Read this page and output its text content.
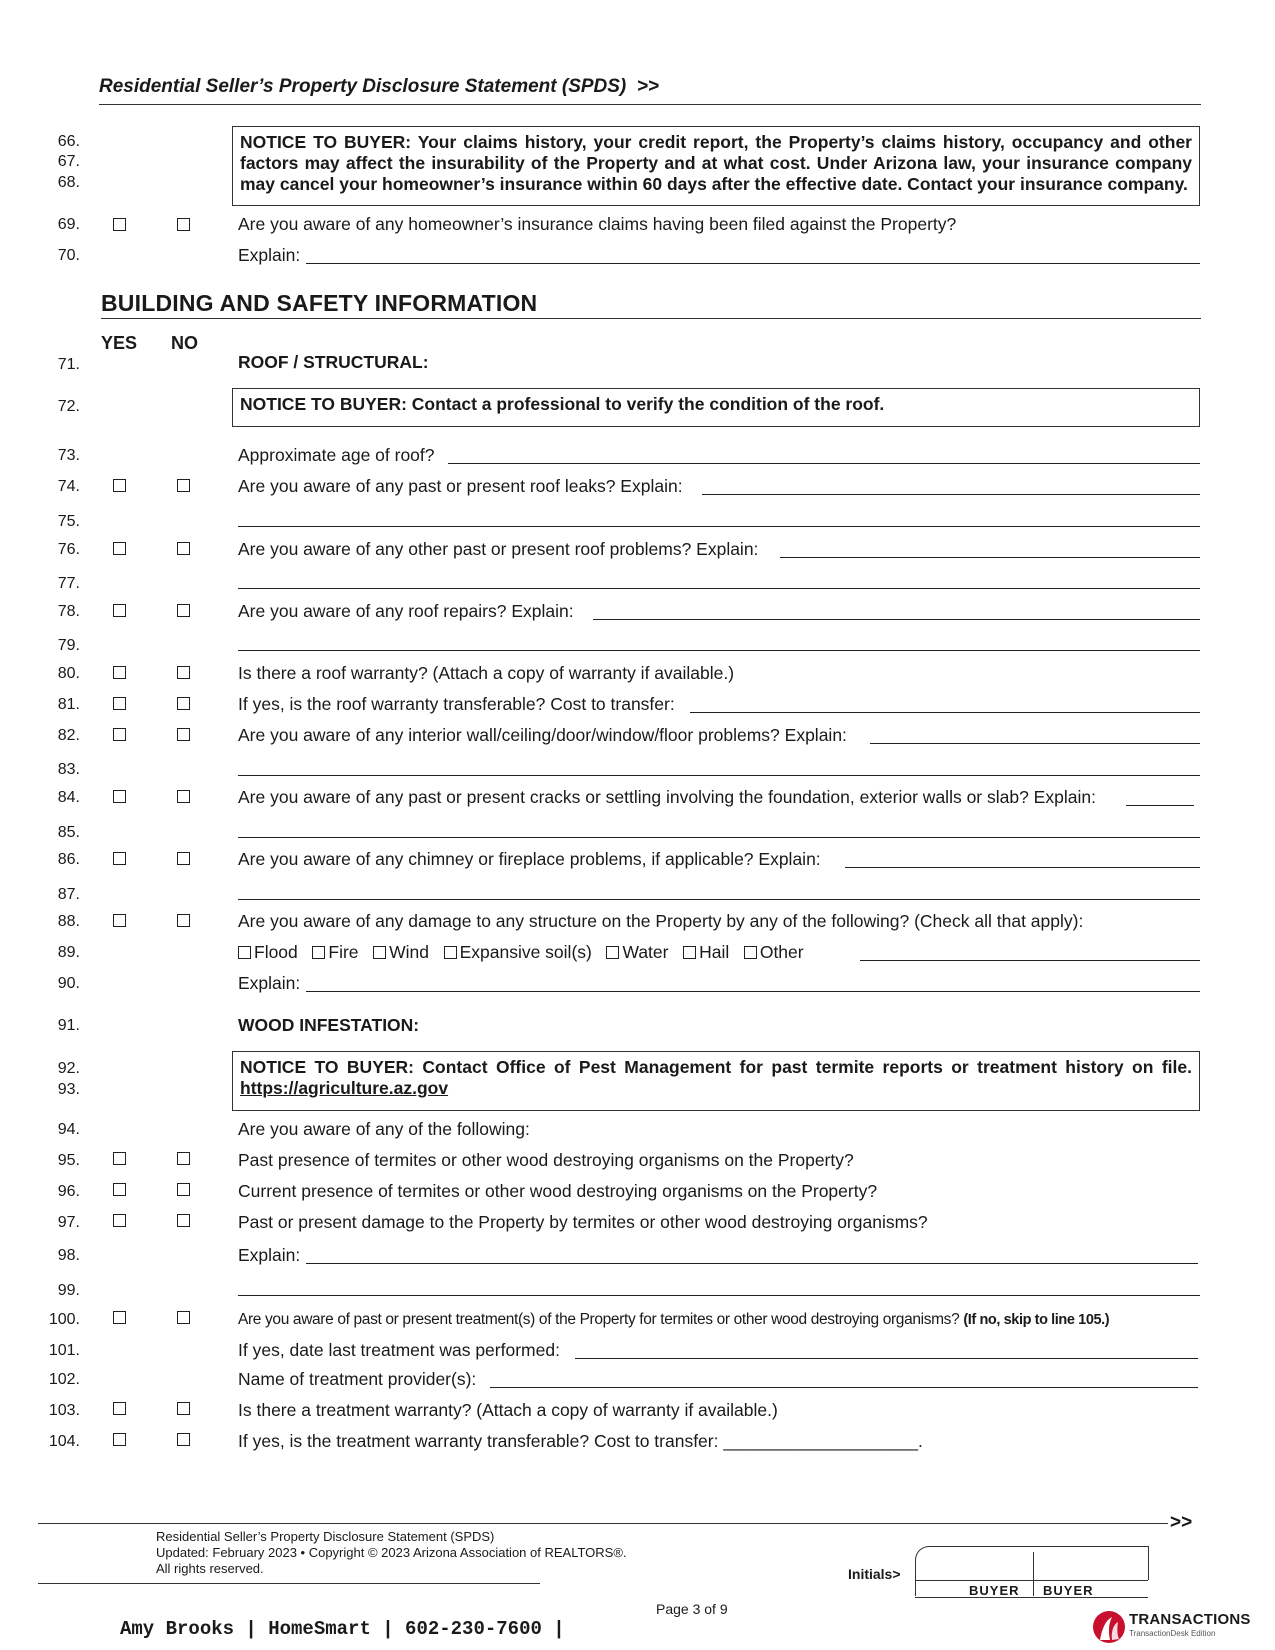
Residential Seller’s Property Disclosure Statement (SPDS) >>
66.
67.
68.
NOTICE TO BUYER: Your claims history, your credit report, the Property’s claims history, occupancy and other factors may affect the insurability of the Property and at what cost. Under Arizona law, your insurance company may cancel your homeowner’s insurance within 60 days after the effective date. Contact your insurance company.
69.	Are you aware of any homeowner’s insurance claims having been filed against the Property?
70.	Explain:
BUILDING AND SAFETY INFORMATION
YES NO
71.	ROOF / STRUCTURAL:
72.	NOTICE TO BUYER: Contact a professional to verify the condition of the roof.
73.	Approximate age of roof?
74.	Are you aware of any past or present roof leaks? Explain:
75.
76.	Are you aware of any other past or present roof problems? Explain:
77.
78.	Are you aware of any roof repairs? Explain:
79.
80.	Is there a roof warranty? (Attach a copy of warranty if available.)
81.	If yes, is the roof warranty transferable? Cost to transfer:
82.	Are you aware of any interior wall/ceiling/door/window/floor problems? Explain:
83.
84.	Are you aware of any past or present cracks or settling involving the foundation, exterior walls or slab? Explain:
85.
86.	Are you aware of any chimney or fireplace problems, if applicable? Explain:
87.
88.	Are you aware of any damage to any structure on the Property by any of the following? (Check all that apply):
89.	Flood Fire Wind Expansive soil(s) Water Hail Other
90.	Explain:
91.	WOOD INFESTATION:
92.
93.
NOTICE TO BUYER: Contact Office of Pest Management for past termite reports or treatment history on file.
https://agriculture.az.gov
94.	Are you aware of any of the following:
95.	Past presence of termites or other wood destroying organisms on the Property?
96.	Current presence of termites or other wood destroying organisms on the Property?
97.	Past or present damage to the Property by termites or other wood destroying organisms?
98.	Explain:
99.
100.	Are you aware of past or present treatment(s) of the Property for termites or other wood destroying organisms? (If no, skip to line 105.)
101.	If yes, date last treatment was performed:
102.	Name of treatment provider(s):
103.	Is there a treatment warranty? (Attach a copy of warranty if available.)
104.	If yes, is the treatment warranty transferable? Cost to transfer: ____________________.
>>
Residential Seller’s Property Disclosure Statement (SPDS)
Updated: February 2023 • Copyright © 2023 Arizona Association of REALTORS®.
All rights reserved.	Initials>
BUYER BUYER
Page 3 of 9
Amy Brooks | HomeSmart | 602-230-7600 |	TRANSACTIONS
TransactionDesk Edition
